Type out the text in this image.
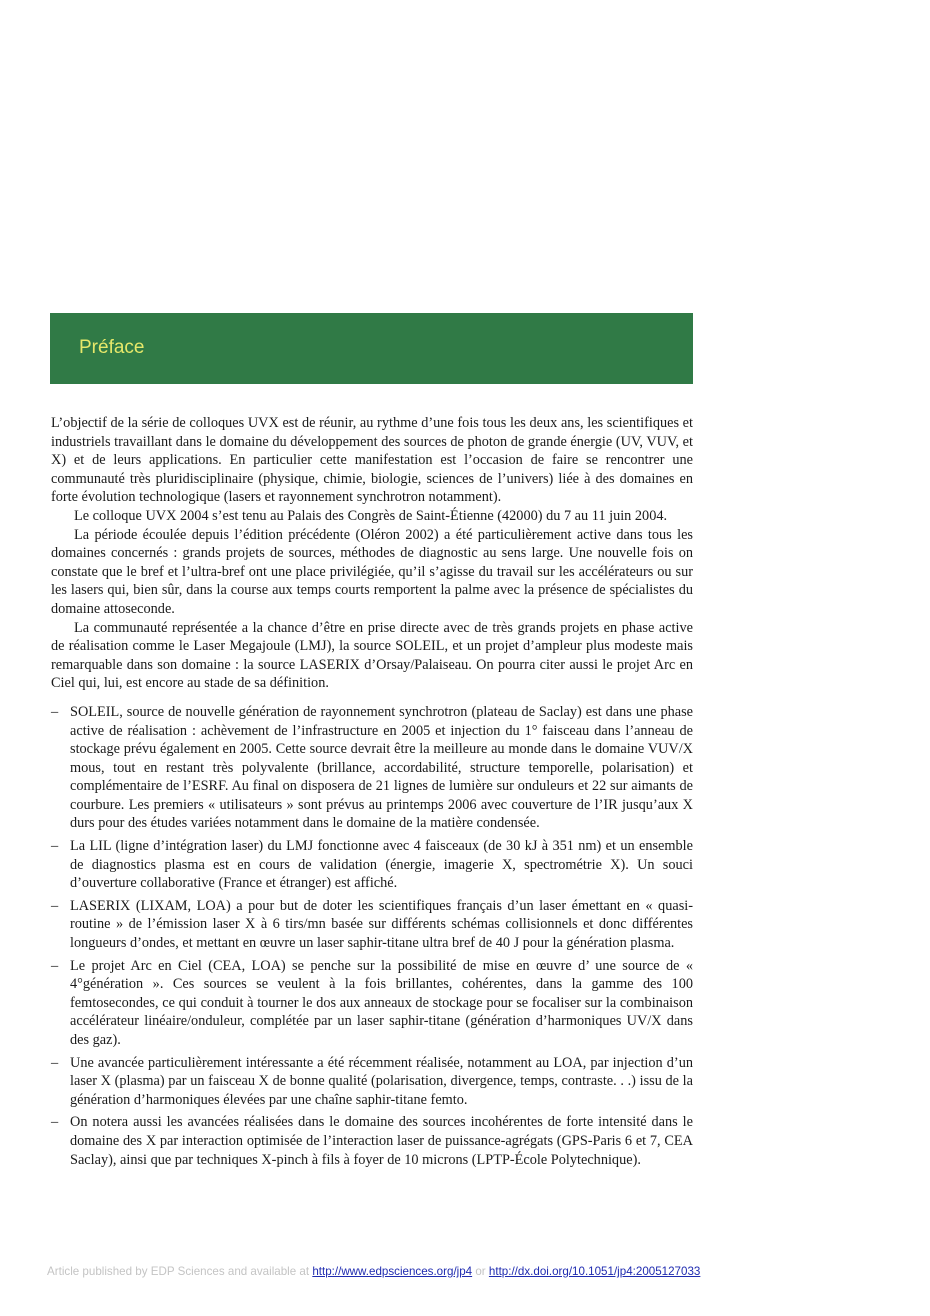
Préface

L’objectif de la série de colloques UVX est de réunir, au rythme d’une fois tous les deux ans, les scientifiques et industriels travaillant dans le domaine du développement des sources de photon de grande énergie (UV, VUV, et X) et de leurs applications. En particulier cette manifestation est l’occasion de faire se rencontrer une communauté très pluridisciplinaire (physique, chimie, biologie, sciences de l’univers) liée à des domaines en forte évolution technologique (lasers et rayonnement synchrotron notamment).

Le colloque UVX 2004 s’est tenu au Palais des Congrès de Saint-Étienne (42000) du 7 au 11 juin 2004.

La période écoulée depuis l’édition précédente (Oléron 2002) a été particulièrement active dans tous les domaines concernés : grands projets de sources, méthodes de diagnostic au sens large. Une nouvelle fois on constate que le bref et l’ultra-bref ont une place privilégiée, qu’il s’agisse du travail sur les accélérateurs ou sur les lasers qui, bien sûr, dans la course aux temps courts remportent la palme avec la présence de spécialistes du domaine attoseconde.

La communauté représentée a la chance d’être en prise directe avec de très grands projets en phase active de réalisation comme le Laser Megajoule (LMJ), la source SOLEIL, et un projet d’ampleur plus modeste mais remarquable dans son domaine : la source LASERIX d’Orsay/Palaiseau. On pourra citer aussi le projet Arc en Ciel qui, lui, est encore au stade de sa définition.

– SOLEIL, source de nouvelle génération de rayonnement synchrotron (plateau de Saclay) est dans une phase active de réalisation : achèvement de l’infrastructure en 2005 et injection du 1° faisceau dans l’anneau de stockage prévu également en 2005. Cette source devrait être la meilleure au monde dans le domaine VUV/X mous, tout en restant très polyvalente (brillance, accordabilité, structure temporelle, polarisation) et complémentaire de l’ESRF. Au final on disposera de 21 lignes de lumière sur onduleurs et 22 sur aimants de courbure. Les premiers « utilisateurs » sont prévus au printemps 2006 avec couverture de l’IR jusqu’aux X durs pour des études variées notamment dans le domaine de la matière condensée.
– La LIL (ligne d’intégration laser) du LMJ fonctionne avec 4 faisceaux (de 30 kJ à 351 nm) et un ensemble de diagnostics plasma est en cours de validation (énergie, imagerie X, spectrométrie X). Un souci d’ouverture collaborative (France et étranger) est affiché.
– LASERIX (LIXAM, LOA) a pour but de doter les scientifiques français d’un laser émettant en « quasi-routine » de l’émission laser X à 6 tirs/mn basée sur différents schémas collisionnels et donc différentes longueurs d’ondes, et mettant en œuvre un laser saphir-titane ultra bref de 40 J pour la génération plasma.
– Le projet Arc en Ciel (CEA, LOA) se penche sur la possibilité de mise en œuvre d’ une source de « 4°génération ». Ces sources se veulent à la fois brillantes, cohérentes, dans la gamme des 100 femtosecondes, ce qui conduit à tourner le dos aux anneaux de stockage pour se focaliser sur la combinaison accélérateur linéaire/onduleur, complétée par un laser saphir-titane (génération d’harmoniques UV/X dans des gaz).
– Une avancée particulièrement intéressante a été récemment réalisée, notamment au LOA, par injection d’un laser X (plasma) par un faisceau X de bonne qualité (polarisation, divergence, temps, contraste. . .) issu de la génération d’harmoniques élevées par une chaîne saphir-titane femto.
– On notera aussi les avancées réalisées dans le domaine des sources incohérentes de forte intensité dans le domaine des X par interaction optimisée de l’interaction laser de puissance-agrégats (GPS-Paris 6 et 7, CEA Saclay), ainsi que par techniques X-pinch à fils à foyer de 10 microns (LPTP-École Polytechnique).
Article published by EDP Sciences and available at http://www.edpsciences.org/jp4 or http://dx.doi.org/10.1051/jp4:2005127033
